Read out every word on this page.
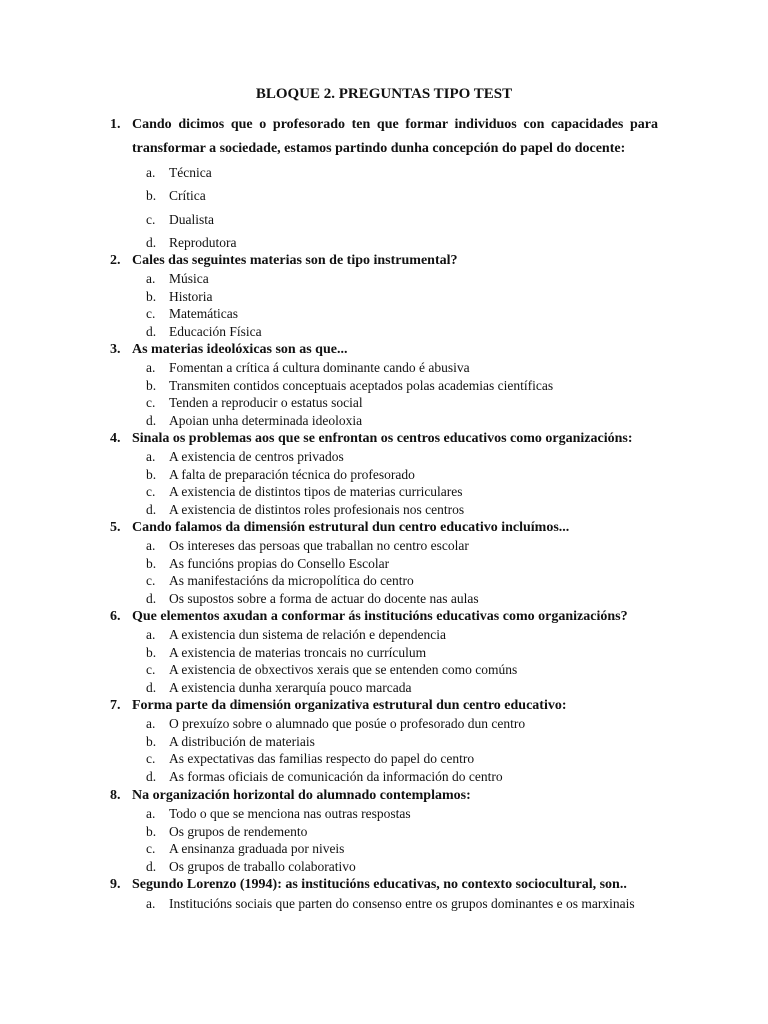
BLOQUE 2. PREGUNTAS TIPO TEST
1. Cando dicimos que o profesorado ten que formar individuos con capacidades para transformar a sociedade, estamos partindo dunha concepción do papel do docente:
a. Técnica
b. Crítica
c. Dualista
d. Reprodutora
2. Cales das seguintes materias son de tipo instrumental?
a. Música
b. Historia
c. Matemáticas
d. Educación Física
3. As materias ideolóxicas son as que...
a. Fomentan a crítica á cultura dominante cando é abusiva
b. Transmiten contidos conceptuais aceptados polas academias científicas
c. Tenden a reproducir o estatus social
d. Apoian unha determinada ideoloxia
4. Sinala os problemas aos que se enfrontan os centros educativos como organizacións:
a. A existencia de centros privados
b. A falta de preparación técnica do profesorado
c. A existencia de distintos tipos de materias curriculares
d. A existencia de distintos roles profesionais nos centros
5. Cando falamos da dimensión estrutural dun centro educativo incluímos...
a. Os intereses das persoas que traballan no centro escolar
b. As funcións propias do Consello Escolar
c. As manifestacións da micropolítica do centro
d. Os supostos sobre a forma de actuar do docente nas aulas
6. Que elementos axudan a conformar ás institucións educativas como organizacións?
a. A existencia dun sistema de relación e dependencia
b. A existencia de materias troncais no currículum
c. A existencia de obxectivos xerais que se entenden como comúns
d. A existencia dunha xerarquía pouco marcada
7. Forma parte da dimensión organizativa estrutural dun centro educativo:
a. O prexuízo sobre o alumnado que posúe o profesorado dun centro
b. A distribución de materiais
c. As expectativas das familias respecto do papel do centro
d. As formas oficiais de comunicación da información do centro
8. Na organización horizontal do alumnado contemplamos:
a. Todo o que se menciona nas outras respostas
b. Os grupos de rendemento
c. A ensinanza graduada por niveis
d. Os grupos de traballo colaborativo
9. Segundo Lorenzo (1994): as institucións educativas, no contexto sociocultural, son..
a. Institucións sociais que parten do consenso entre os grupos dominantes e os marxinais
